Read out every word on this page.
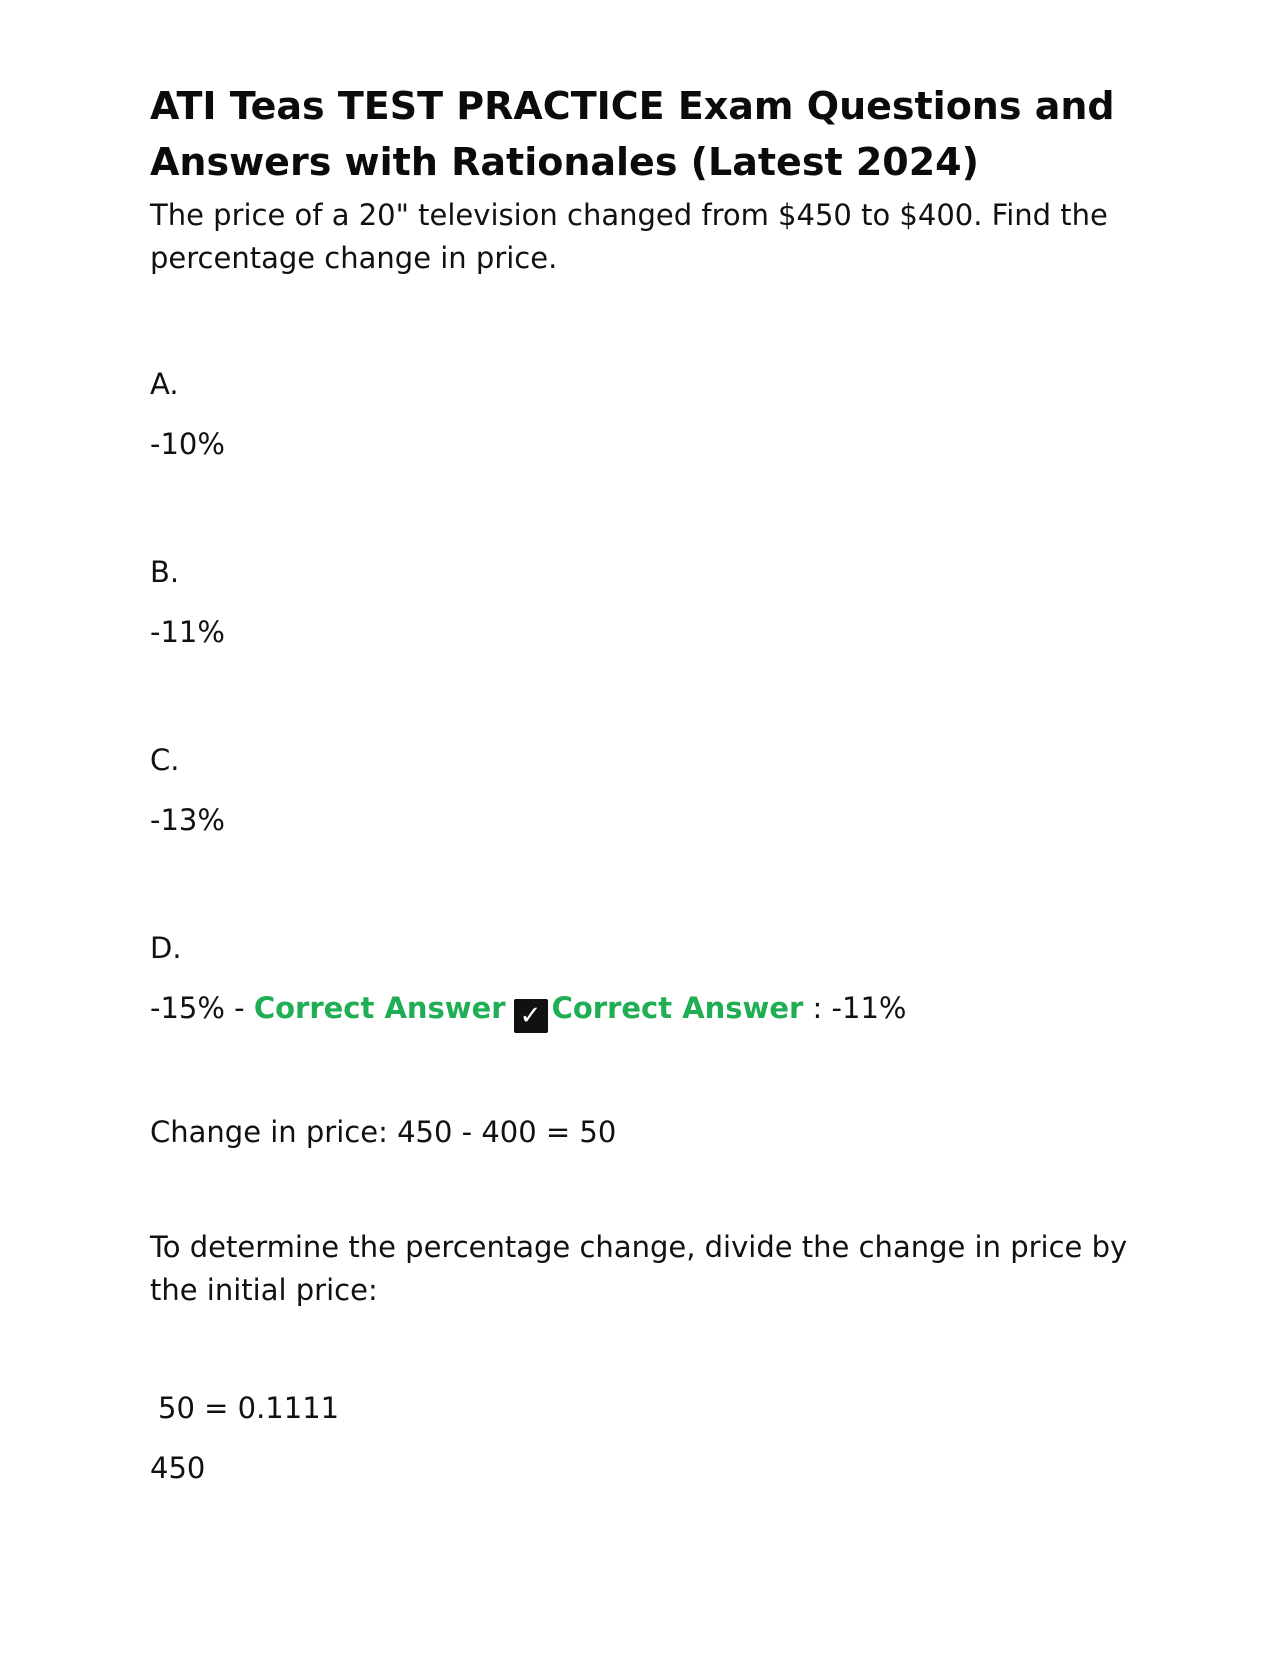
ATI Teas TEST PRACTICE Exam Questions and Answers with Rationales (Latest 2024)

The price of a 20" television changed from $450 to $400. Find the percentage change in price.

A.

-10%

B.

-11%

C.

-13%

D.

-15% - Correct Answer ✓ Correct Answer : -11%

Change in price: 450 - 400 = 50

To determine the percentage change, divide the change in price by the initial price:

50 = 0.1111

450
